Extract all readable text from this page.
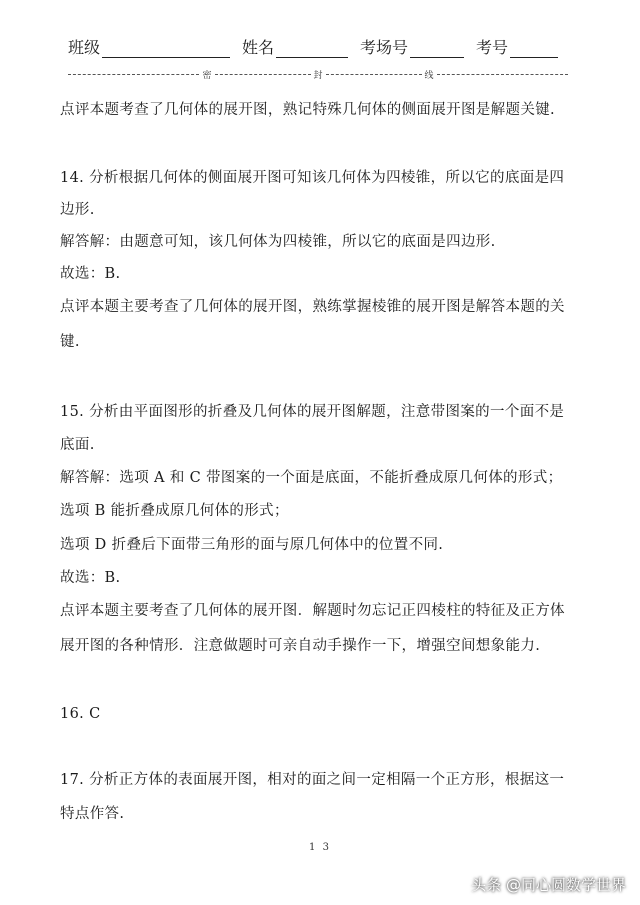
班级	姓名	考场号	考号
密	封	线
点评本题考查了几何体的展开图，熟记特殊几何体的侧面展开图是解题关键.
14. 分析根据几何体的侧面展开图可知该几何体为四棱锥，所以它的底面是四
边形.
解答解：由题意可知，该几何体为四棱锥，所以它的底面是四边形.
故选：B.
点评本题主要考查了几何体的展开图，熟练掌握棱锥的展开图是解答本题的关
键.
15. 分析由平面图形的折叠及几何体的展开图解题，注意带图案的一个面不是
底面.
解答解：选项 A 和 C 带图案的一个面是底面，不能折叠成原几何体的形式；
选项 B 能折叠成原几何体的形式；
选项 D 折叠后下面带三角形的面与原几何体中的位置不同.
故选：B.
点评本题主要考查了几何体的展开图．解题时勿忘记正四棱柱的特征及正方体
展开图的各种情形．注意做题时可亲自动手操作一下，增强空间想象能力.
16. C
17. 分析正方体的表面展开图，相对的面之间一定相隔一个正方形，根据这一
特点作答.
1 3
头条 @同心圆数学世界
